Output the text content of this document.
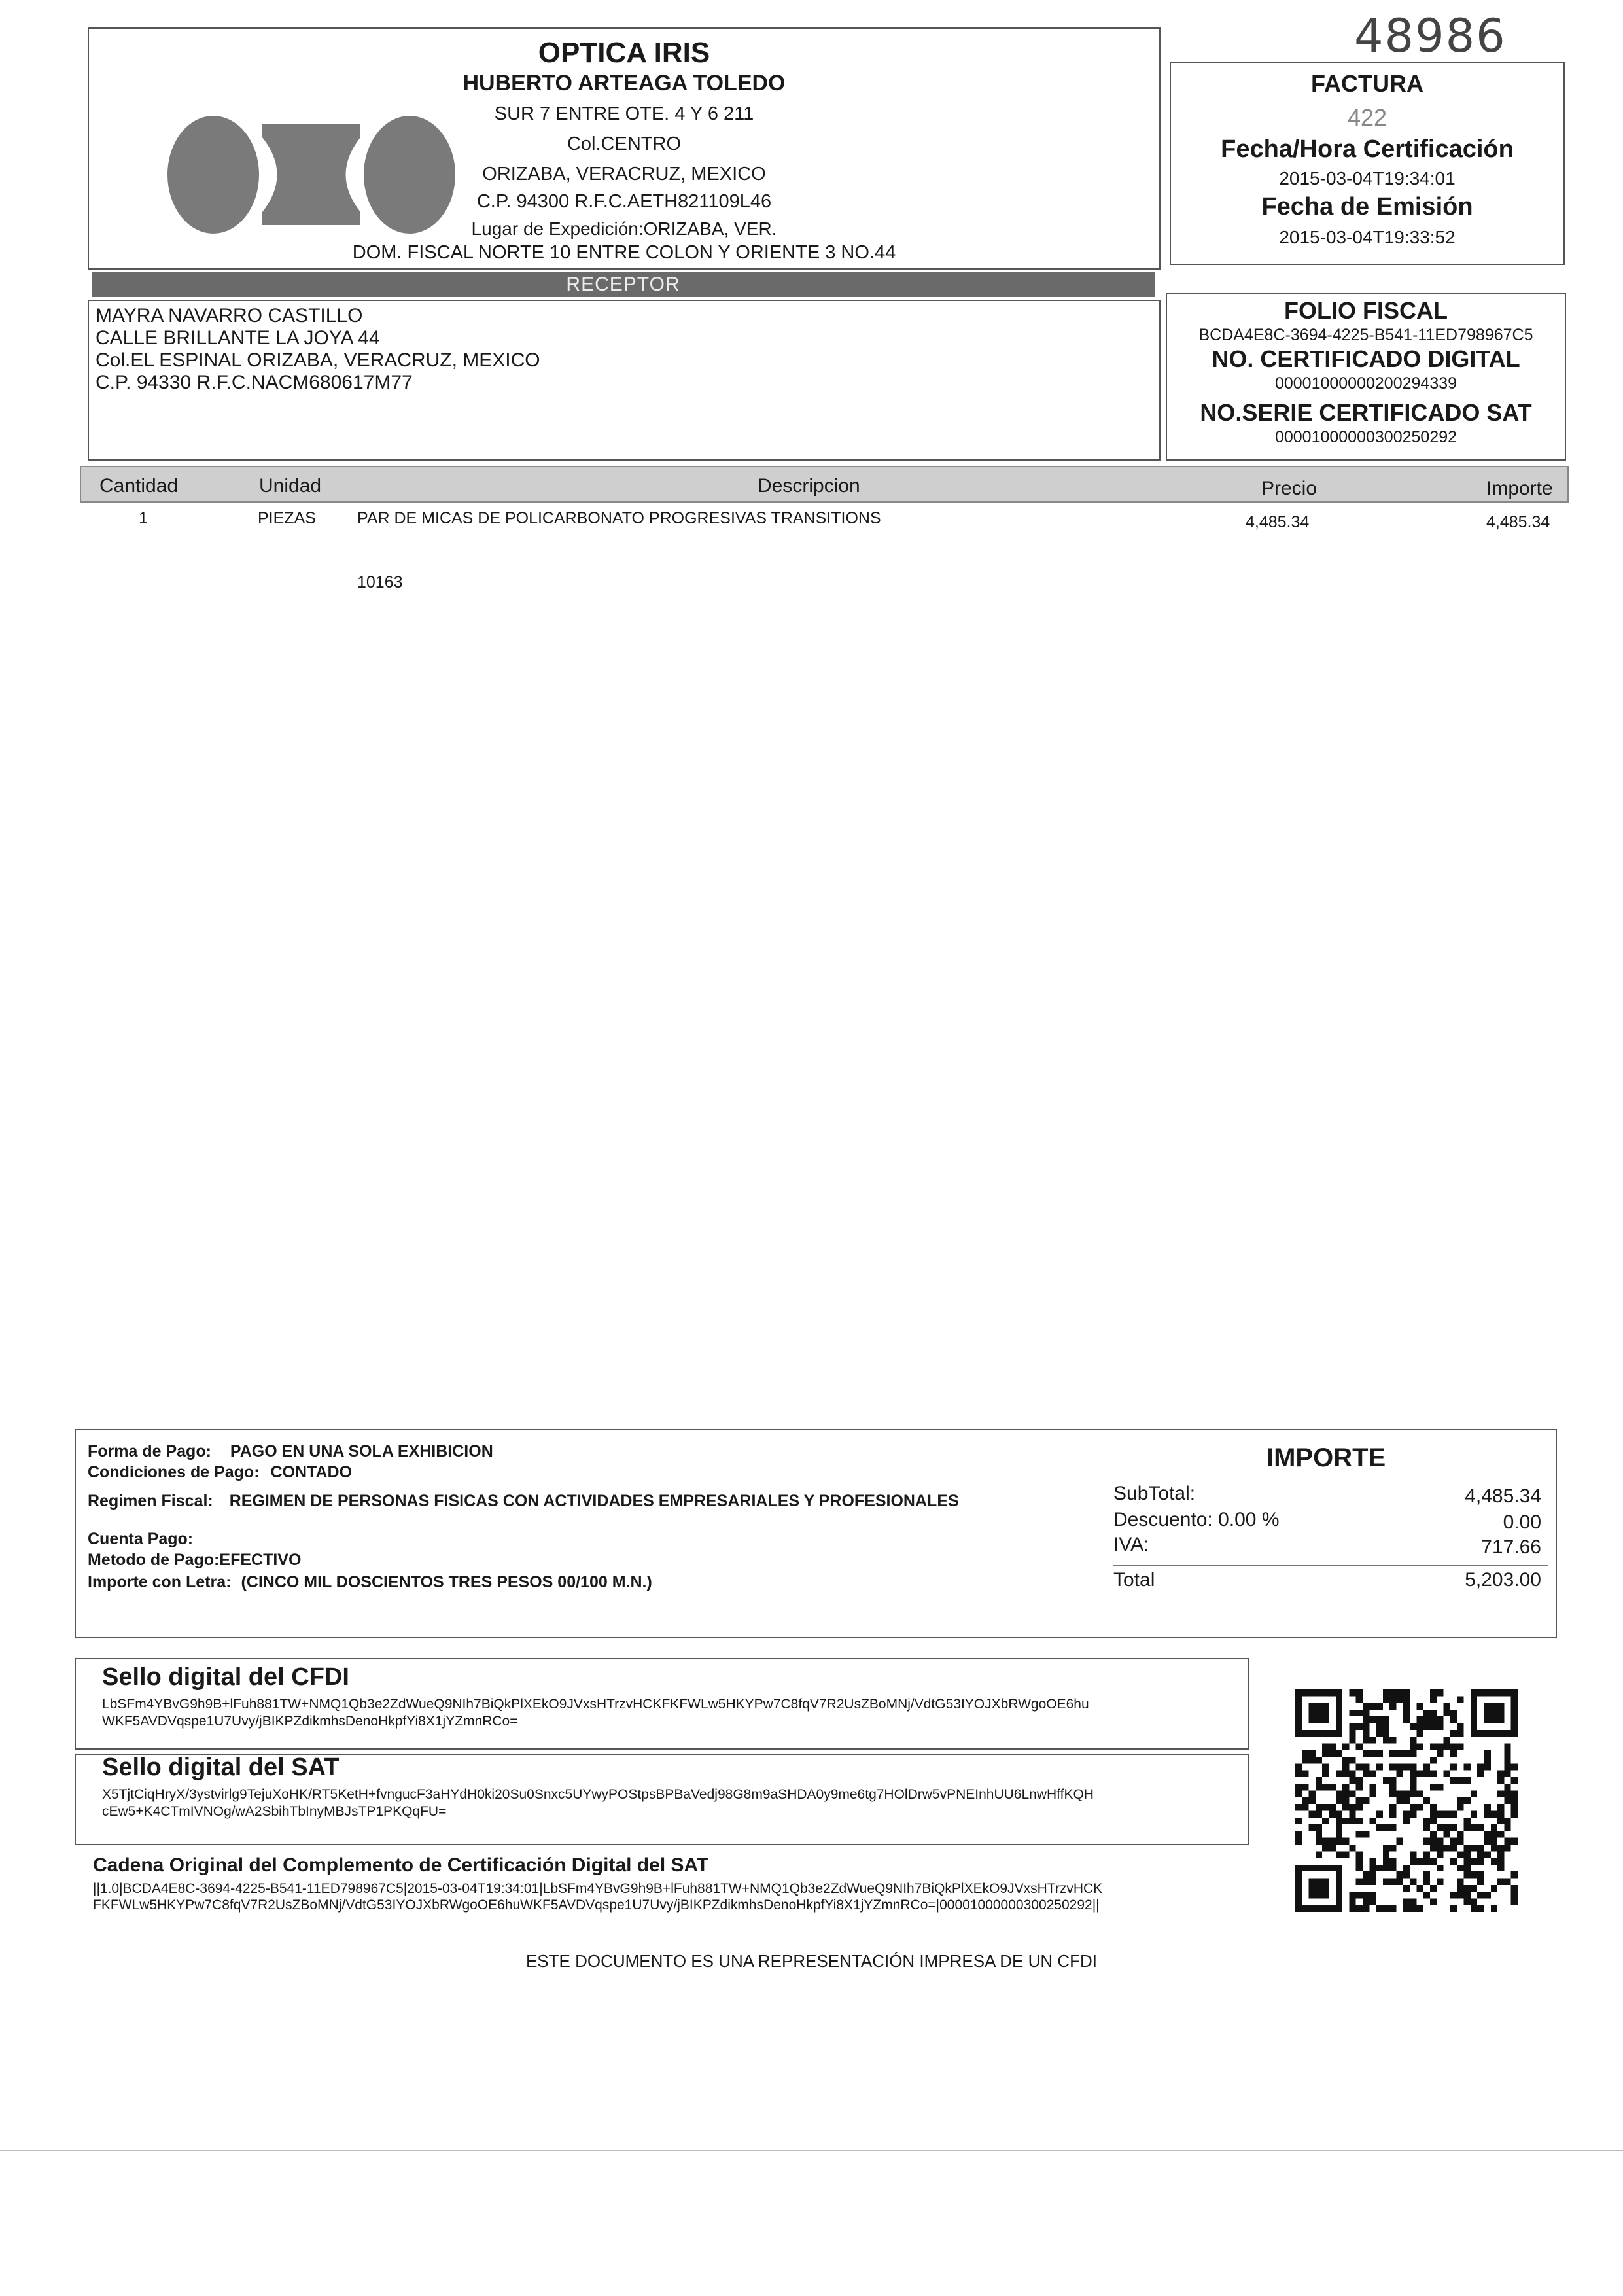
48986
OPTICA IRIS
HUBERTO ARTEAGA TOLEDO
SUR 7 ENTRE OTE. 4 Y 6 211
Col.CENTRO
ORIZABA, VERACRUZ, MEXICO
C.P. 94300 R.F.C.AETH821109L46
Lugar de Expedición:ORIZABA, VER.
DOM. FISCAL NORTE 10 ENTRE COLON Y ORIENTE 3 NO.44
FACTURA
422
Fecha/Hora Certificación
2015-03-04T19:34:01
Fecha de Emisión
2015-03-04T19:33:52
RECEPTOR
MAYRA NAVARRO CASTILLO
CALLE BRILLANTE LA JOYA 44
Col.EL ESPINAL ORIZABA, VERACRUZ, MEXICO
C.P. 94330 R.F.C.NACM680617M77
FOLIO FISCAL
BCDA4E8C-3694-4225-B541-11ED798967C5
NO. CERTIFICADO DIGITAL
00001000000200294339
NO.SERIE CERTIFICADO SAT
00001000000300250292
Cantidad	Unidad	Descripcion	Precio	Importe
1	PIEZAS	PAR DE MICAS DE POLICARBONATO PROGRESIVAS TRANSITIONS	4,485.34	4,485.34
10163
Forma de Pago: PAGO EN UNA SOLA EXHIBICION
Condiciones de Pago: CONTADO
Regimen Fiscal: REGIMEN DE PERSONAS FISICAS CON ACTIVIDADES EMPRESARIALES Y PROFESIONALES
Cuenta Pago:
Metodo de Pago:EFECTIVO
Importe con Letra: (CINCO MIL DOSCIENTOS TRES PESOS 00/100 M.N.)
IMPORTE
SubTotal:	4,485.34
Descuento: 0.00 %	0.00
IVA:	717.66
Total	5,203.00
Sello digital del CFDI
LbSFm4YBvG9h9B+lFuh881TW+NMQ1Qb3e2ZdWueQ9NIh7BiQkPlXEkO9JVxsHTrzvHCKFKFWLw5HKYPw7C8fqV7R2UsZBoMNj/VdtG53IYOJXbRWgoOE6hu
WKF5AVDVqspe1U7Uvy/jBIKPZdikmhsDenoHkpfYi8X1jYZmnRCo=
Sello digital del SAT
X5TjtCiqHryX/3ystvirlg9TejuXoHK/RT5KetH+fvngucF3aHYdH0ki20Su0Snxc5UYwyPOStpsBPBaVedj98G8m9aSHDA0y9me6tg7HOlDrw5vPNEInhUU6LnwHffKQH
cEw5+K4CTmIVNOg/wA2SbihTbInyMBJsTP1PKQqFU=
Cadena Original del Complemento de Certificación Digital del SAT
||1.0|BCDA4E8C-3694-4225-B541-11ED798967C5|2015-03-04T19:34:01|LbSFm4YBvG9h9B+lFuh881TW+NMQ1Qb3e2ZdWueQ9NIh7BiQkPlXEkO9JVxsHTrzvHCK
FKFWLw5HKYPw7C8fqV7R2UsZBoMNj/VdtG53IYOJXbRWgoOE6huWKF5AVDVqspe1U7Uvy/jBIKPZdikmhsDenoHkpfYi8X1jYZmnRCo=|00001000000300250292||
ESTE DOCUMENTO ES UNA REPRESENTACIÓN IMPRESA DE UN CFDI
